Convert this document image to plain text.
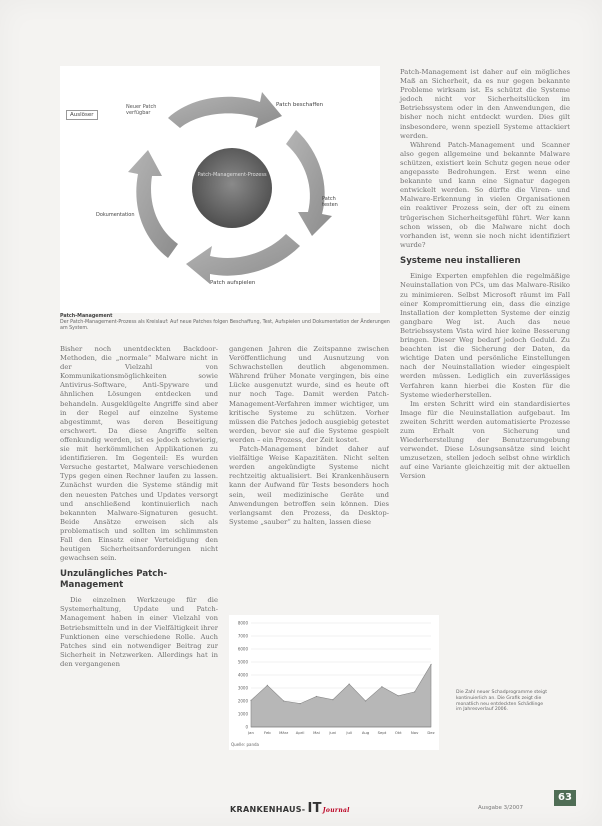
Patch-Management-Prozess
Auslöser
Neuer Patch verfügbar
Patch beschaffen
Patch testen
Patch aufspielen
Dokumentation
Patch-Management
Der Patch-Management-Prozess als Kreislauf: Auf neue Patches folgen Beschaffung, Test, Aufspielen und Dokumentation der Änderungen am System.

Patch-Management ist daher auf ein mögliches Maß an Sicherheit, da es nur gegen bekannte Probleme wirksam ist. Es schützt die Systeme jedoch nicht vor Sicherheitslücken im Betriebssystem oder in den Anwendungen, die bisher noch nicht entdeckt wurden. Dies gilt insbesondere, wenn speziell Systeme attackiert werden.

Während Patch-Management und Scanner also gegen allgemeine und bekannte Malware schützen, existiert kein Schutz gegen neue oder angepasste Bedrohungen. Erst wenn eine bekannte und kann eine Signatur dagegen entwickelt werden. So dürfte die Viren- und Malware-Erkennung in vielen Organisationen ein reaktiver Prozess sein, der oft zu einem trügerischen Sicherheitsgefühl führt. Wer kann schon wissen, ob die Malware nicht doch vorhanden ist, wenn sie noch nicht identifiziert wurde?

Systeme neu installieren

Einige Experten empfehlen die regelmäßige Neuinstallation von PCs, um das Malware-Risiko zu minimieren. Selbst Microsoft räumt im Fall einer Kompromittierung ein, dass die einzige Installation der kompletten Systeme der einzig gangbare Weg ist. Auch das neue Betriebssystem Vista wird hier keine Besserung bringen. Dieser Weg bedarf jedoch Geduld. Zu beachten ist die Sicherung der Daten, da wichtige Daten und persönliche Einstellungen nach der Neuinstallation wieder eingespielt werden müssen. Lediglich ein zuverlässiges Verfahren kann hierbei die Kosten für die Systeme wiederherstellen.

Im ersten Schritt wird ein standardisiertes Image für die Neuinstallation aufgebaut. Im zweiten Schritt werden automatisierte Prozesse zum Erhalt von Sicherung und Wiederherstellung der Benutzerumgebung verwendet. Diese Lösungsansätze sind leicht umzusetzen, stellen jedoch selbst ohne wirklich auf eine Variante gleichzeitig mit der aktuellen Version

Bisher noch unentdeckten Backdoor-Methoden, die „normale“ Malware nicht in der Vielzahl von Kommunikationsmöglichkeiten sowie Antivirus-Software, Anti-Spyware und ähnlichen Lösungen entdecken und behandeln. Ausgeklügelte Angriffe sind aber in der Regel auf einzelne Systeme abgestimmt, was deren Beseitigung erschwert. Da diese Angriffe selten offenkundig werden, ist es jedoch schwierig, sie mit herkömmlichen Applikationen zu identifizieren. Im Gegenteil: Es wurden Versuche gestartet, Malware verschiedenen Typs gegen einen Rechner laufen zu lassen. Zunächst wurden die Systeme ständig mit den neuesten Patches und Updates versorgt und anschließend kontinuierlich nach bekannten Malware-Signaturen gesucht. Beide Ansätze erweisen sich als problematisch und sollten im schlimmsten Fall den Einsatz einer Verteidigung den heutigen Sicherheitsanforderungen nicht gewachsen sein.

Unzulängliches Patch-Management

Die einzelnen Werkzeuge für die Systemerhaltung, Update und Patch-Management haben in einer Vielzahl von Betriebsmitteln und in der Vielfältigkeit ihrer Funktionen eine verschiedene Rolle. Auch Patches sind ein notwendiger Beitrag zur Sicherheit in Netzwerken. Allerdings hat in den vergangenen

gangenen Jahren die Zeitspanne zwischen Veröffentlichung und Ausnutzung von Schwachstellen deutlich abgenommen. Während früher Monate vergingen, bis eine Lücke ausgenutzt wurde, sind es heute oft nur noch Tage. Damit werden Patch-Management-Verfahren immer wichtiger, um kritische Systeme zu schützen. Vorher müssen die Patches jedoch ausgiebig getestet werden, bevor sie auf die Systeme gespielt werden – ein Prozess, der Zeit kostet.

Patch-Management bindet daher auf vielfältige Weise Kapazitäten. Nicht selten werden angekündigte Systeme nicht rechtzeitig aktualisiert. Bei Krankenhäusern kann der Aufwand für Tests besonders hoch sein, weil medizinische Geräte und Anwendungen betroffen sein können. Dies verlangsamt den Prozess, da Desktop-Systeme „sauber“ zu halten, lassen diese

0
1000
2000
3000
4000
5000
6000
7000
8000
Jan	Feb März April Mai	Juni	Juli	Aug Sept Okt Nov Dez
Quelle: panda
Die Zahl neuer Schadprogramme steigt kontinuierlich an. Die Grafik zeigt die monatlich neu entdeckten Schädlinge im Jahresverlauf 2006.
KRANKENHAUS- ITJournal	Ausgabe 3/2007
63
